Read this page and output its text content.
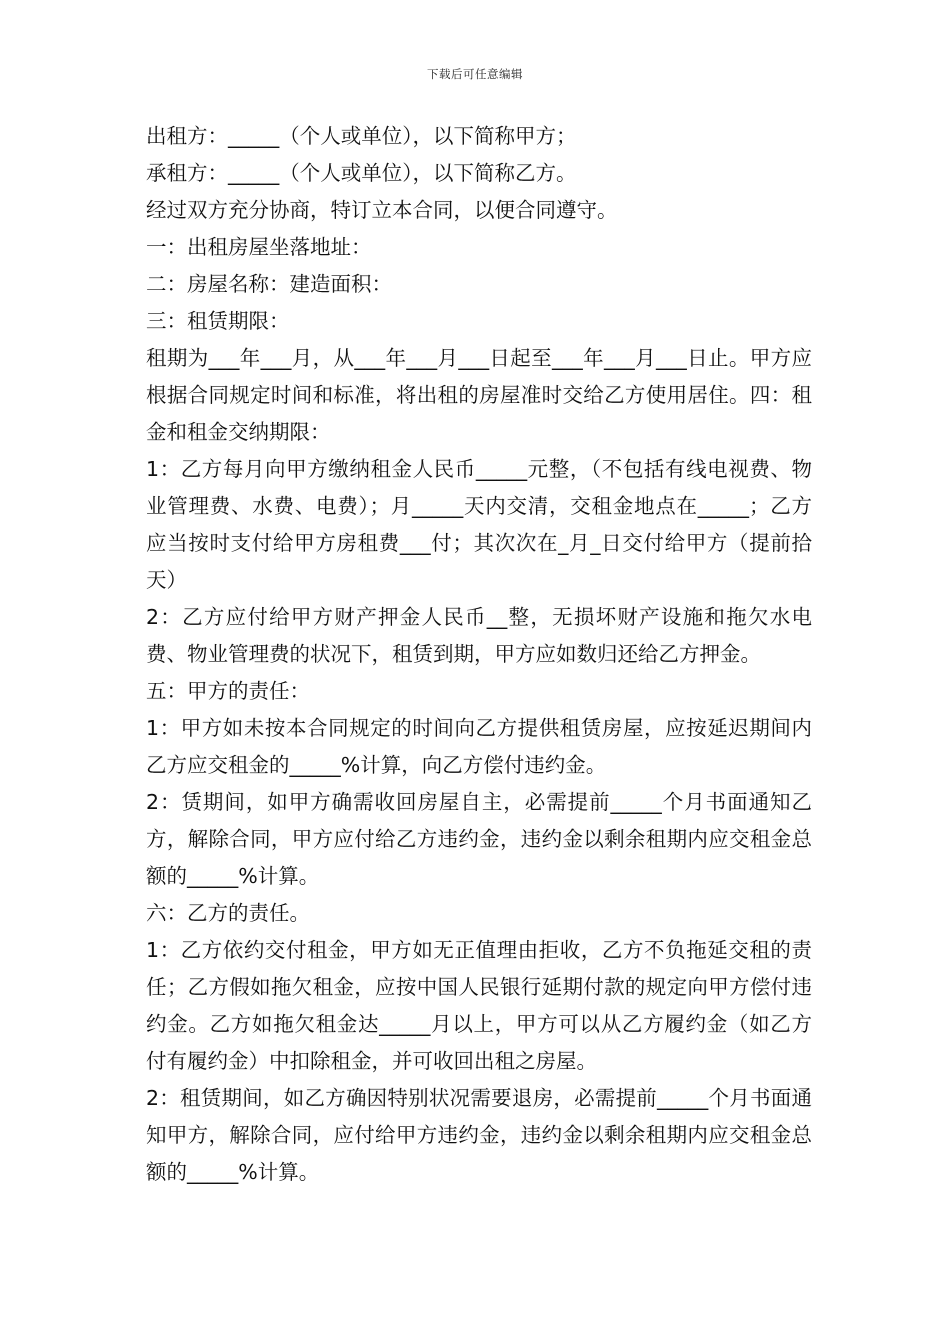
下载后可任意编辑

出租方：_____（个人或单位），以下简称甲方；

承租方：_____（个人或单位），以下简称乙方。

经过双方充分协商，特订立本合同，以便合同遵守。

一：出租房屋坐落地址：

二：房屋名称：建造面积：

三：租赁期限：

租期为___年___月，从___年___月___日起至___年___月___日止。甲方应根据合同规定时间和标准，将出租的房屋准时交给乙方使用居住。四：租金和租金交纳期限：

1：乙方每月向甲方缴纳租金人民币_____元整，（不包括有线电视费、物业管理费、水费、电费）；月_____天内交清，交租金地点在_____；乙方应当按时支付给甲方房租费___付；其次次在_月_日交付给甲方（提前拾天）

2：乙方应付给甲方财产押金人民币__整，无损坏财产设施和拖欠水电费、物业管理费的状况下，租赁到期，甲方应如数归还给乙方押金。

五：甲方的责任：

1：甲方如未按本合同规定的时间向乙方提供租赁房屋，应按延迟期间内乙方应交租金的_____%计算，向乙方偿付违约金。

2：赁期间，如甲方确需收回房屋自主，必需提前_____个月书面通知乙方，解除合同，甲方应付给乙方违约金，违约金以剩余租期内应交租金总额的_____%计算。

六：乙方的责任。

1：乙方依约交付租金，甲方如无正值理由拒收，乙方不负拖延交租的责任；乙方假如拖欠租金，应按中国人民银行延期付款的规定向甲方偿付违约金。乙方如拖欠租金达_____月以上，甲方可以从乙方履约金（如乙方付有履约金）中扣除租金，并可收回出租之房屋。

2：租赁期间，如乙方确因特别状况需要退房，必需提前_____个月书面通知甲方，解除合同，应付给甲方违约金，违约金以剩余租期内应交租金总额的_____%计算。
